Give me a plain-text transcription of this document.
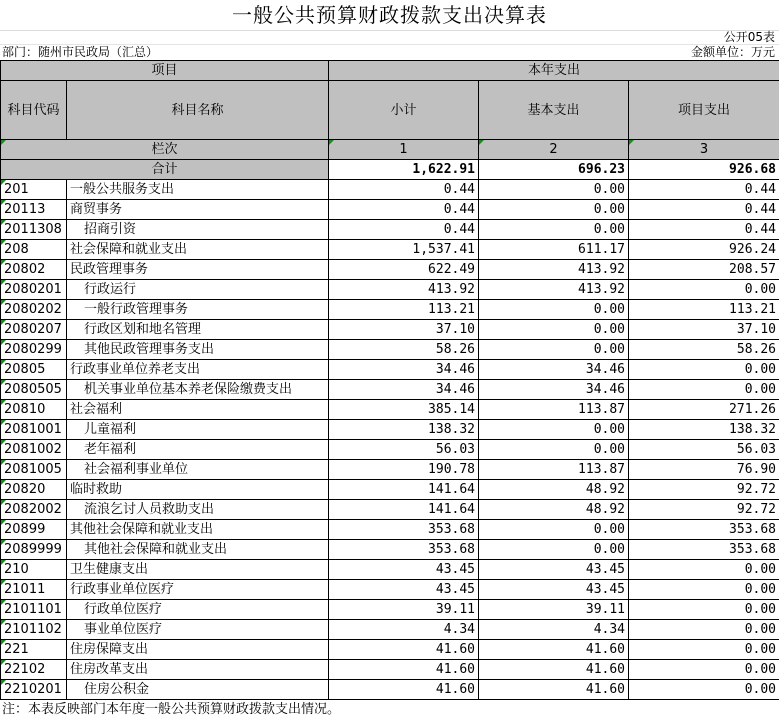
一般公共预算财政拨款支出决算表
公开05表
部门：随州市民政局（汇总）	金额单位：万元
项目		本年支出		
科目代码	科目名称	小计	基本支出	项目支出
栏次		1	2	3
合计		1,622.91	696.23	926.68
201	一般公共服务支出	0.44	0.00	0.44
20113	商贸事务	0.44	0.00	0.44
2011308	招商引资	0.44	0.00	0.44
208	社会保障和就业支出	1,537.41	611.17	926.24
20802	民政管理事务	622.49	413.92	208.57
2080201	行政运行	413.92	413.92	0.00
2080202	一般行政管理事务	113.21	0.00	113.21
2080207	行政区划和地名管理	37.10	0.00	37.10
2080299	其他民政管理事务支出	58.26	0.00	58.26
20805	行政事业单位养老支出	34.46	34.46	0.00
2080505	机关事业单位基本养老保险缴费支出	34.46	34.46	0.00
20810	社会福利	385.14	113.87	271.26
2081001	儿童福利	138.32	0.00	138.32
2081002	老年福利	56.03	0.00	56.03
2081005	社会福利事业单位	190.78	113.87	76.90
20820	临时救助	141.64	48.92	92.72
2082002	流浪乞讨人员救助支出	141.64	48.92	92.72
20899	其他社会保障和就业支出	353.68	0.00	353.68
2089999	其他社会保障和就业支出	353.68	0.00	353.68
210	卫生健康支出	43.45	43.45	0.00
21011	行政事业单位医疗	43.45	43.45	0.00
2101101	行政单位医疗	39.11	39.11	0.00
2101102	事业单位医疗	4.34	4.34	0.00
221	住房保障支出	41.60	41.60	0.00
22102	住房改革支出	41.60	41.60	0.00
2210201	住房公积金	41.60	41.60	0.00
注：本表反映部门本年度一般公共预算财政拨款支出情况。
